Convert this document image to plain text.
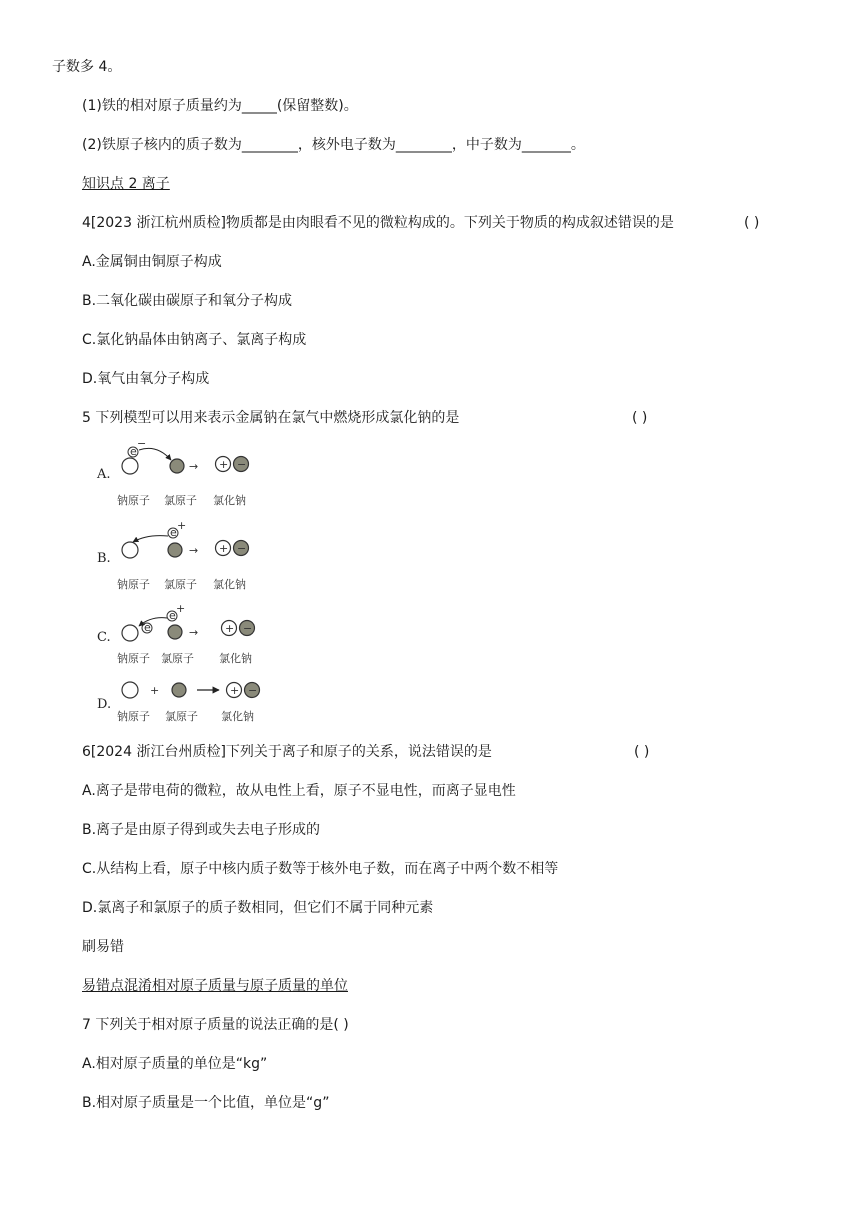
子数多 4。
(1)铁的相对原子质量约为_____(保留整数)。
(2)铁原子核内的质子数为________，核外电子数为________，中子数为_______。
知识点 2 离子
4[2023 浙江杭州质检]物质都是由肉眼看不见的微粒构成的。下列关于物质的构成叙述错误的是	( )
A.金属铜由铜原子构成
B.二氧化碳由碳原子和氧分子构成
C.氯化钠晶体由钠离子、氯离子构成
D.氧气由氧分子构成
5 下列模型可以用来表示金属钠在氯气中燃烧形成氯化钠的是	( )
A.
e
−
→ + −
钠原子 氯原子 氯化钠
B.
e
+
→ + −
钠原子 氯原子 氯化钠
C.
e
e
+
→ + −
钠原子 氯原子 氯化钠
D.
+	+ −
钠原子 氯原子 氯化钠
6[2024 浙江台州质检]下列关于离子和原子的关系，说法错误的是	( )
A.离子是带电荷的微粒，故从电性上看，原子不显电性，而离子显电性
B.离子是由原子得到或失去电子形成的
C.从结构上看，原子中核内质子数等于核外电子数，而在离子中两个数不相等
D.氯离子和氯原子的质子数相同，但它们不属于同种元素
刷易错
易错点混淆相对原子质量与原子质量的单位
7 下列关于相对原子质量的说法正确的是( )
A.相对原子质量的单位是“kg”
B.相对原子质量是一个比值，单位是“g”
